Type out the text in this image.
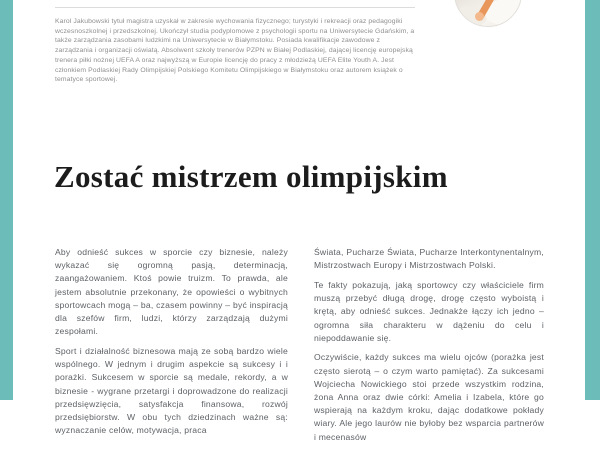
Karol Jakubowski tytuł magistra uzyskał w zakresie wychowania fizycznego; turystyki i rekreacji oraz pedagogiki wczesnoszkolnej i przedszkolnej. Ukończył studia podyplomowe z psychologii sportu na Uniwersytecie Gdańskim, a także zarządzania zasobami ludzkimi na Uniwersytecie w Białymstoku. Posiada kwalifikacje zawodowe z zarządzania i organizacji oświatą. Absolwent szkoły trenerów PZPN w Białej Podlaskiej, dającej licencję europejską trenera piłki nożnej UEFA A oraz najwyższą w Europie licencję do pracy z młodzieżą UEFA Elite Youth A. Jest członkiem Podlaskiej Rady Olimpijskiej Polskiego Komitetu Olimpijskiego w Białymstoku oraz autorem książek o tematyce sportowej.

Zostać mistrzem olimpijskim

Aby odnieść sukces w sporcie czy biznesie, należy wykazać się ogromną pasją, determinacją, zaangażowaniem. Ktoś powie truizm. To prawda, ale jestem absolutnie przekonany, że opowieści o wybitnych sportowcach mogą – ba, czasem powinny – być inspiracją dla szefów firm, ludzi, którzy zarządzają dużymi zespołami.

Sport i działalność biznesowa mają ze sobą bardzo wiele wspólnego. W jednym i drugim aspekcie są sukcesy i i porażki. Sukcesem w sporcie są medale, rekordy, a w biznesie - wygrane przetargi i doprowadzone do realizacji przedsięwzięcia, satysfakcja finansowa, rozwój przedsiębiorstw. W obu tych dziedzinach ważne są: wyznaczanie celów, motywacja, praca

Świata, Pucharze Świata, Pucharze Interkontynentalnym, Mistrzostwach Europy i Mistrzostwach Polski.

Te fakty pokazują, jaką sportowcy czy właściciele firm muszą przebyć długą drogę, drogę często wyboistą i krętą, aby odnieść sukces. Jednakże łączy ich jedno – ogromna siła charakteru w dążeniu do celu i niepoddawanie się.

Oczywiście, każdy sukces ma wielu ojców (porażka jest często sierotą – o czym warto pamiętać). Za sukcesami Wojciecha Nowickiego stoi przede wszystkim rodzina, żona Anna oraz dwie córki: Amelia i Izabela, które go wspierają na każdym kroku, dając dodatkowe pokłady wiary. Ale jego laurów nie byłoby bez wsparcia partnerów i mecenasów
